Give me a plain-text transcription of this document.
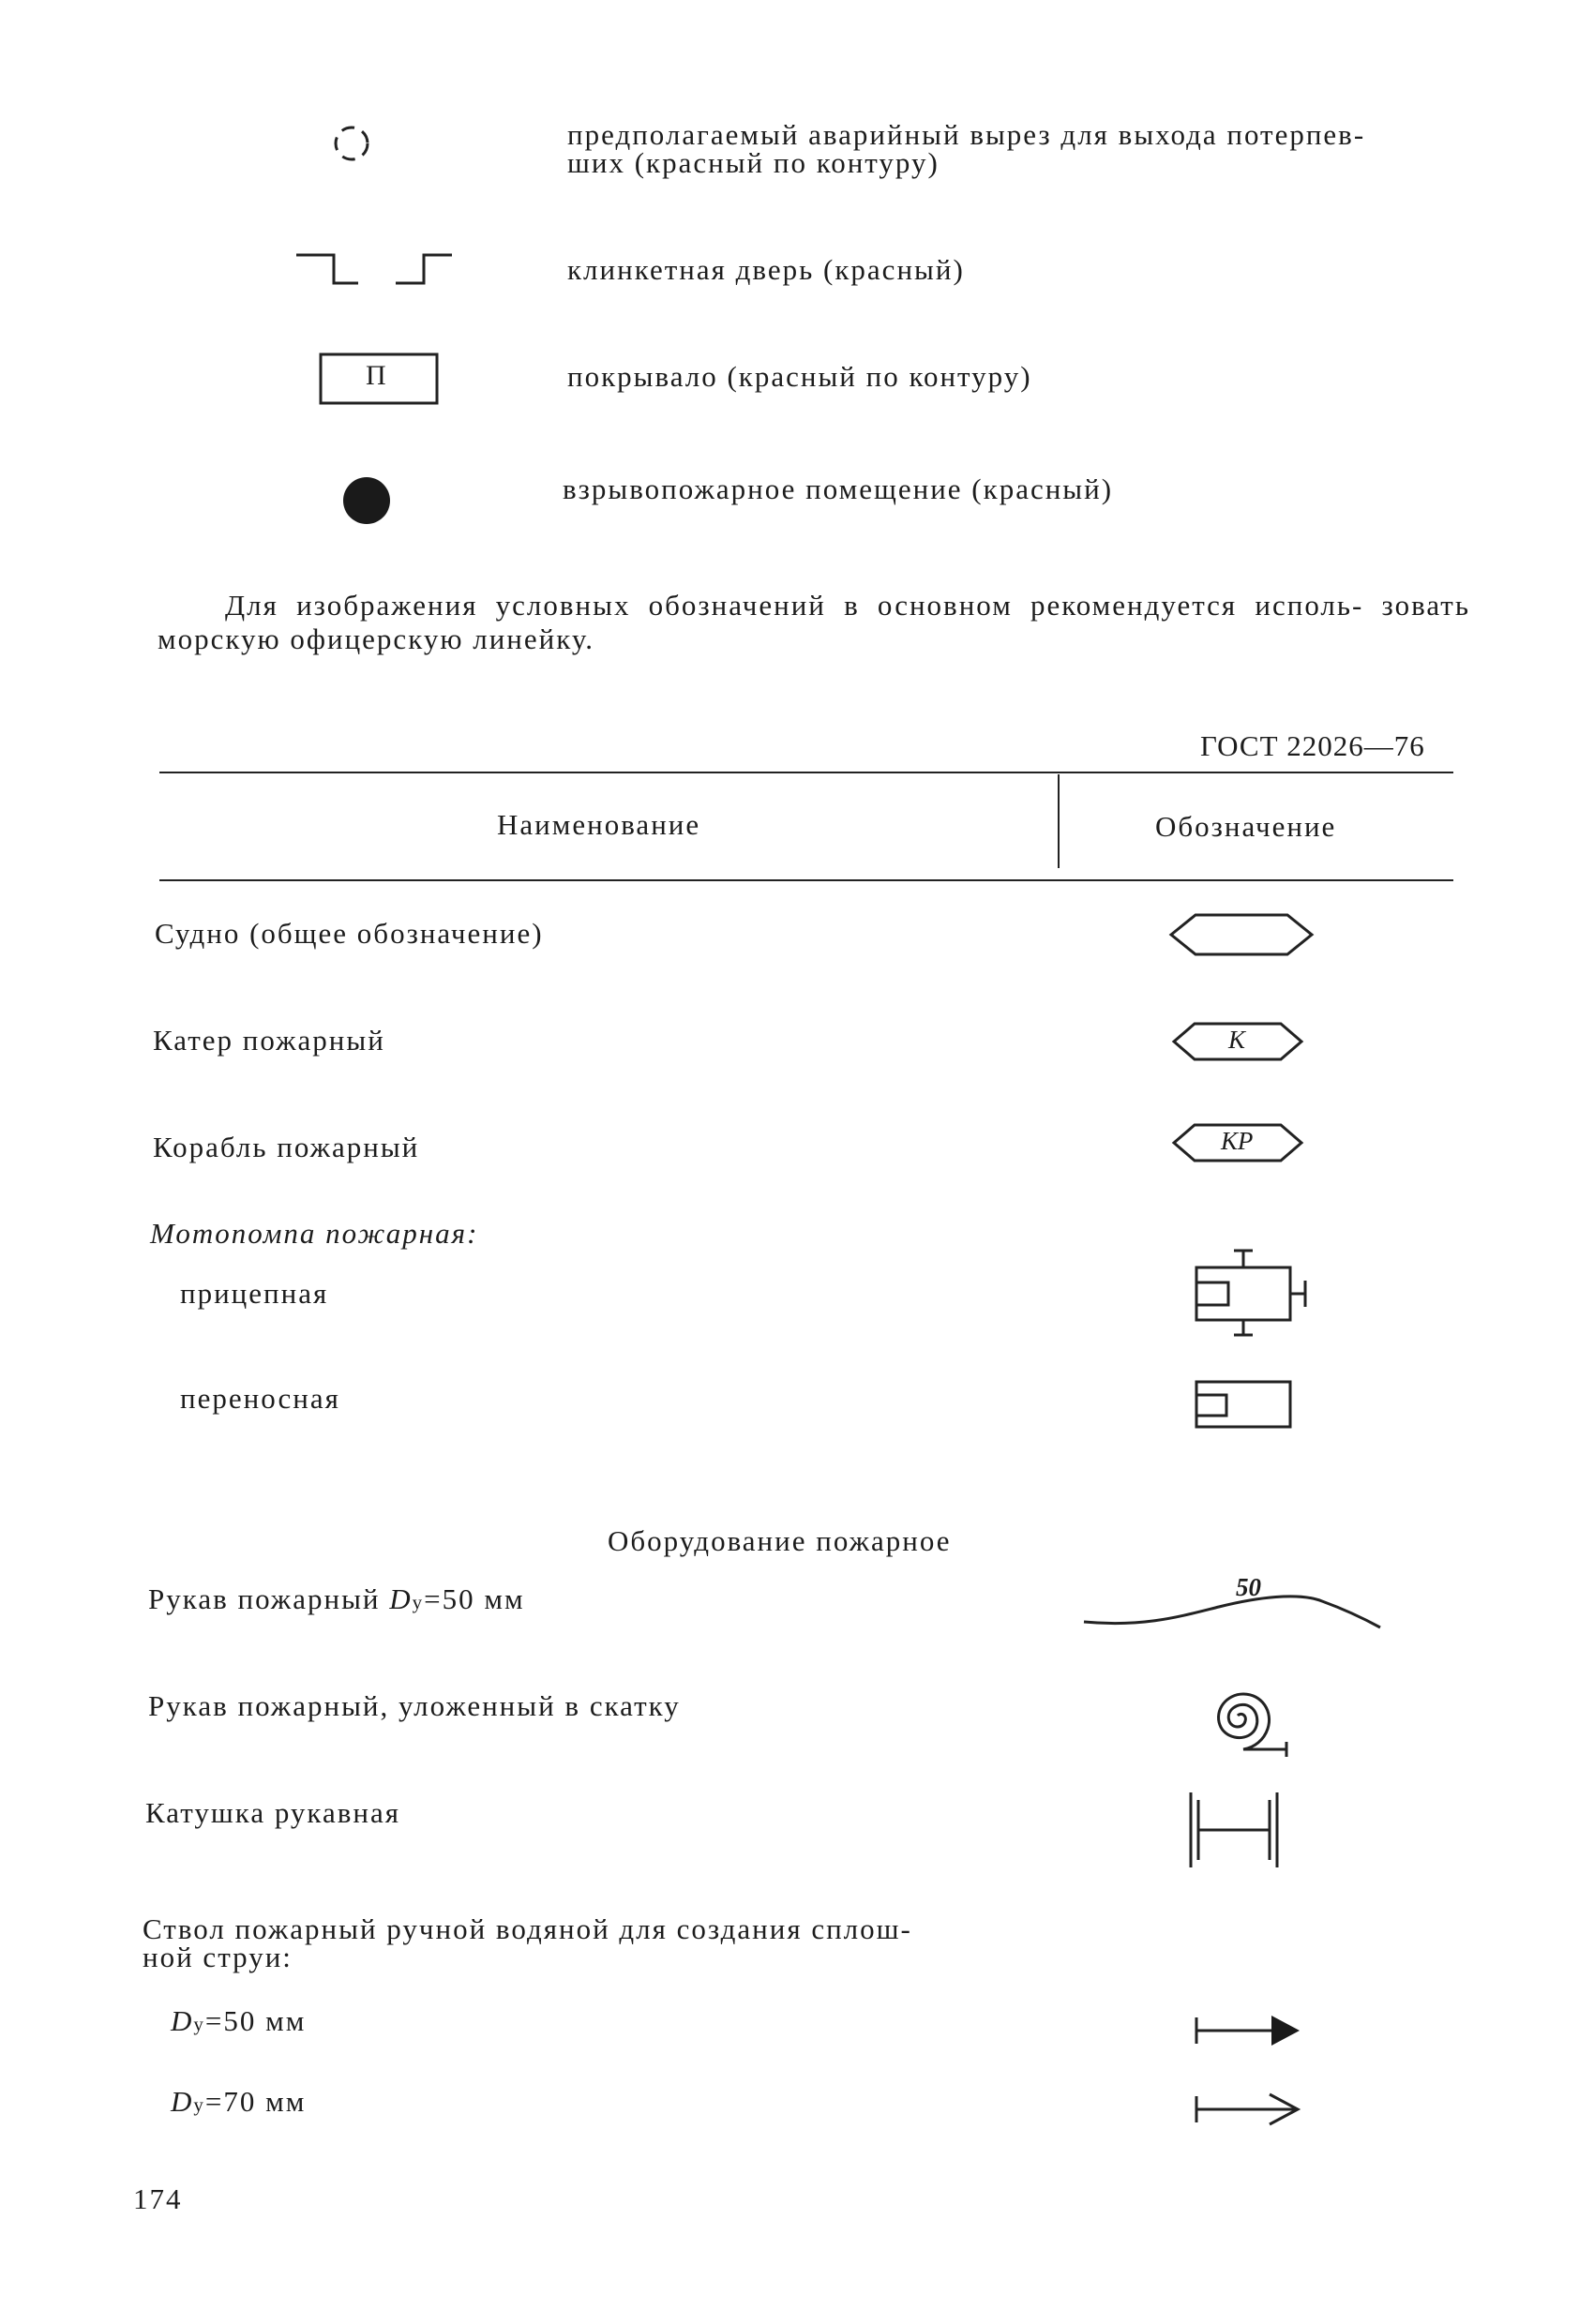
предполагаемый аварийный вырез для выхода потерпев-
ших (красный по контуру)
клинкетная дверь (красный)
П	покрывало (красный по контуру)
взрывопожарное помещение (красный)
Для изображения условных обозначений в основном рекомендуется исполь- зовать морскую офицерскую линейку.
ГОСТ 22026—76
Наименование	Обозначение
Судно (общее обозначение)
Катер пожарный	К
Корабль пожарный	КР
Мотопомпа пожарная:
прицепная
переносная
Оборудование пожарное
Рукав пожарный Dу=50 мм	50
Рукав пожарный, уложенный в скатку
Катушка рукавная
Ствол пожарный ручной водяной для создания сплош-
ной струи:
Dу=50 мм
Dу=70 мм
174
